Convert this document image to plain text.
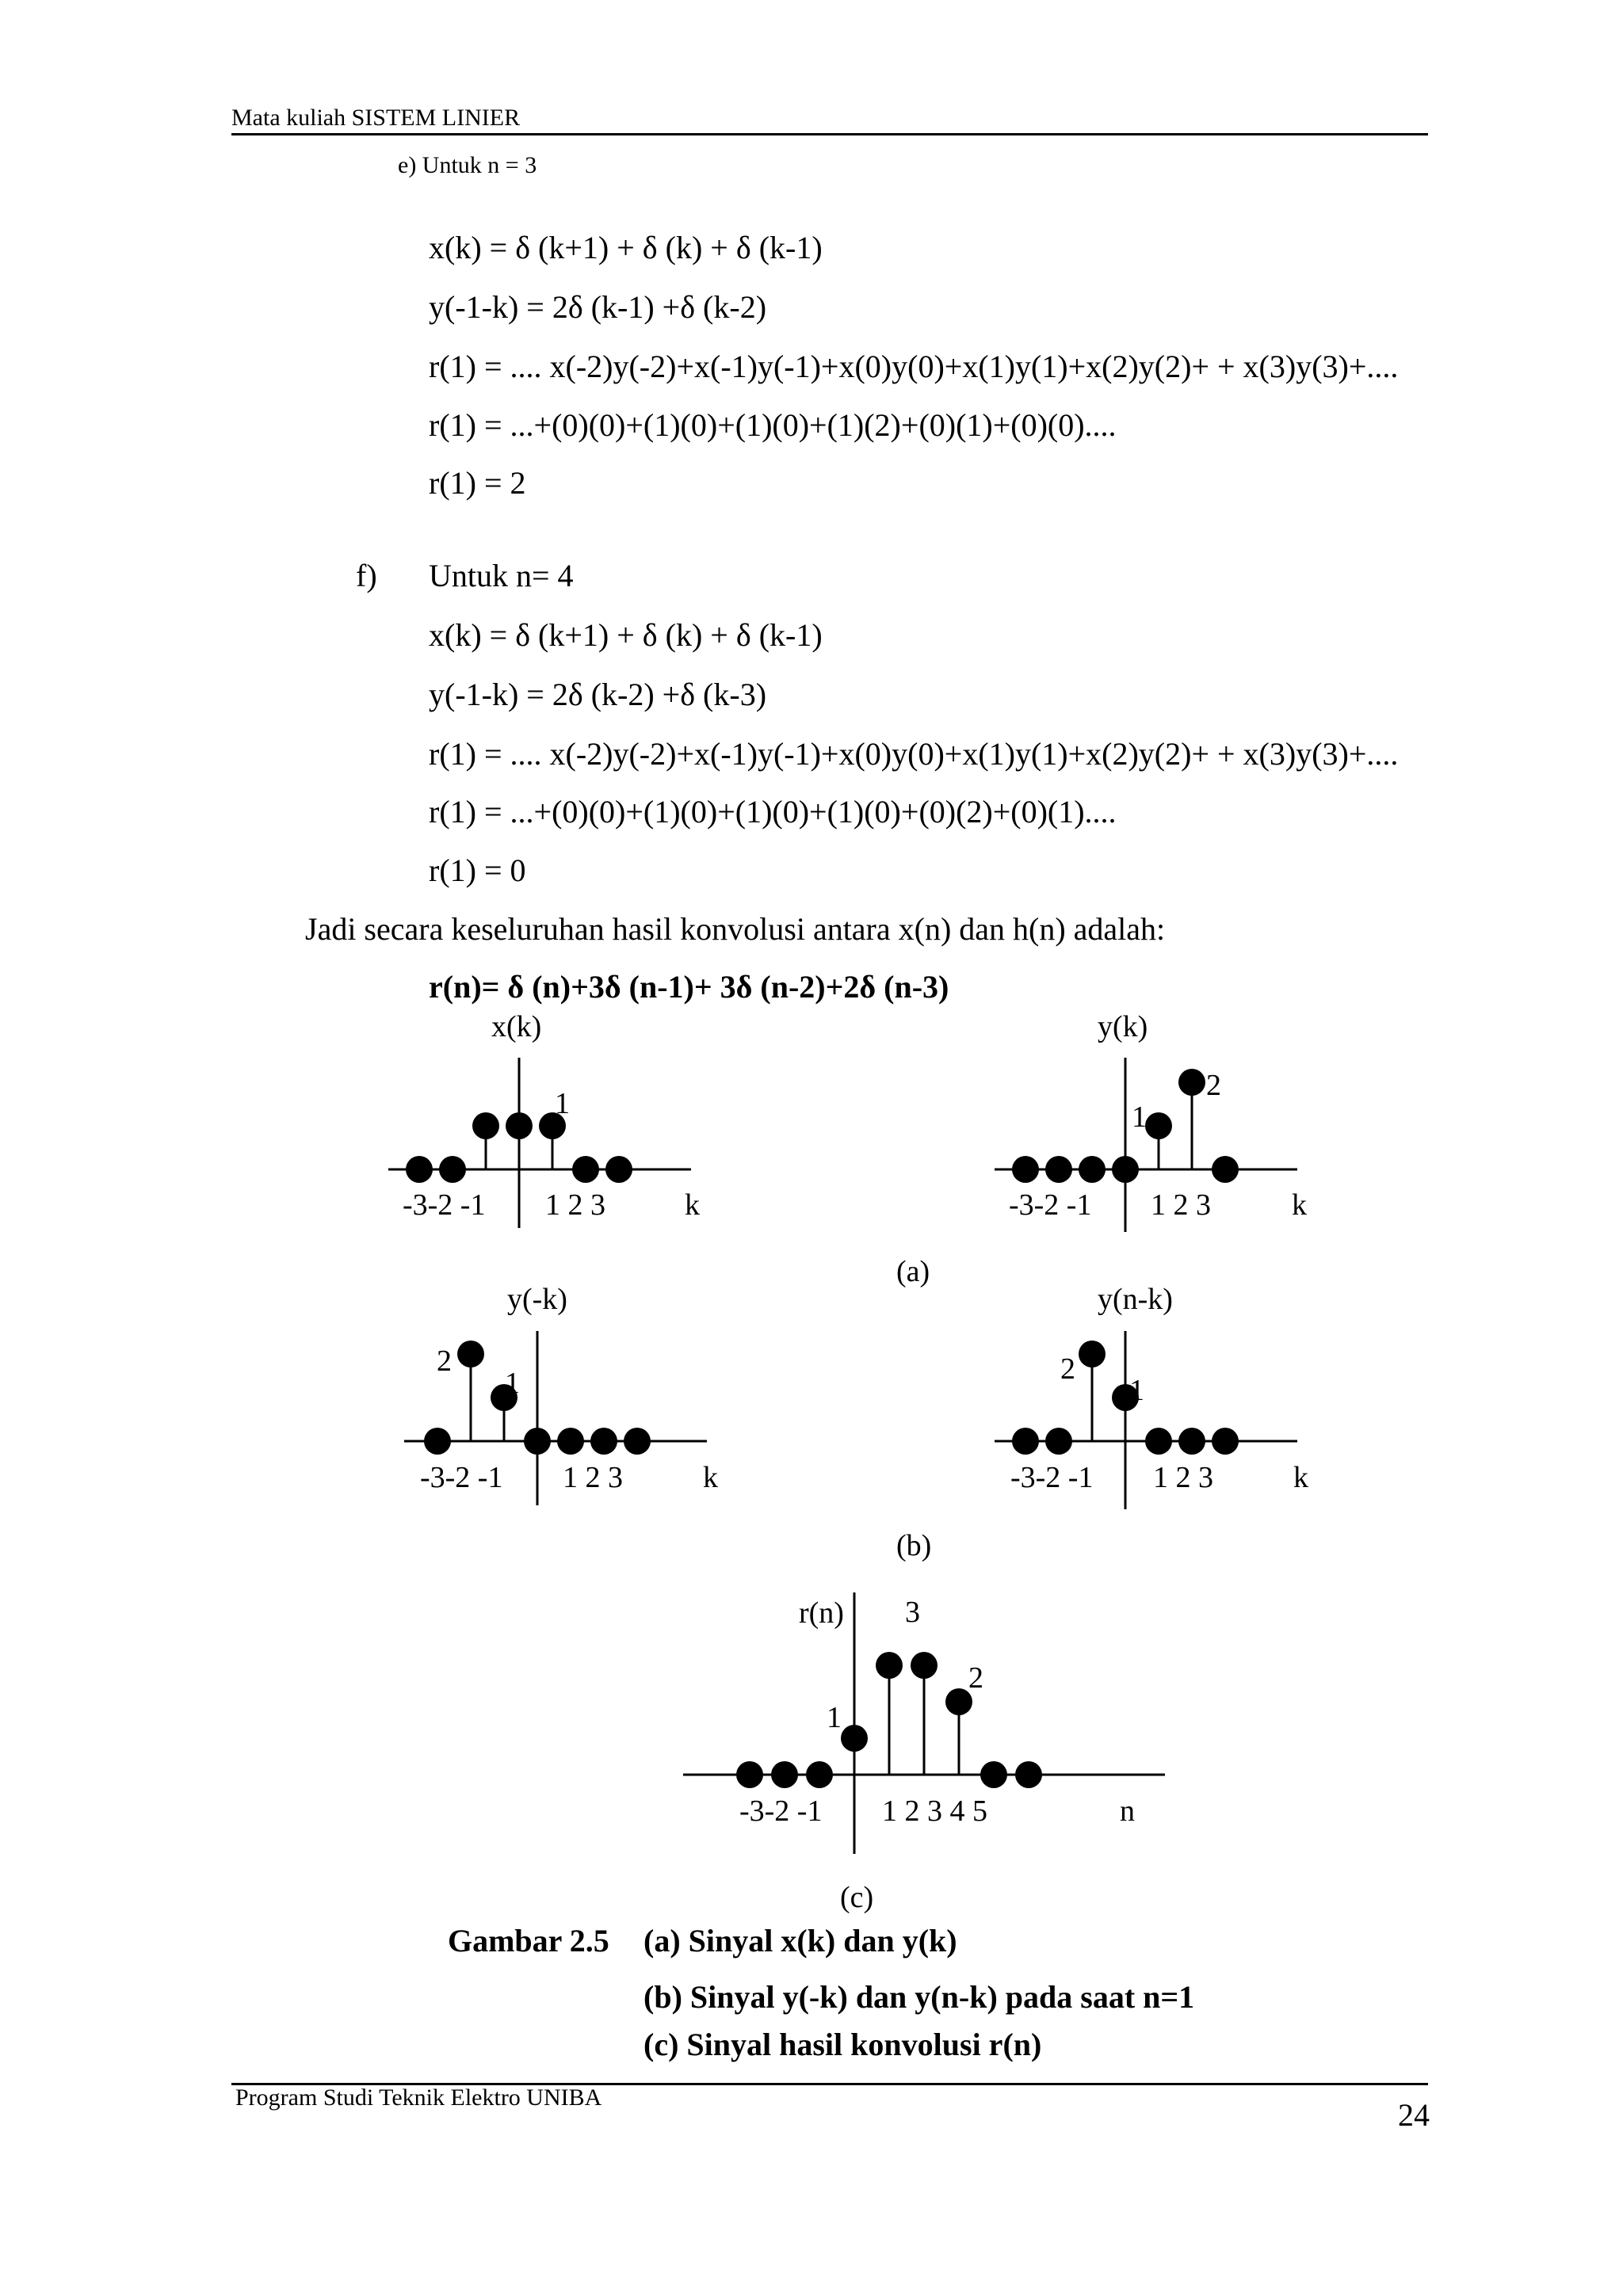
Mata kuliah SISTEM LINIER
e) Untuk n = 3
x(k) = δ (k+1) + δ (k) + δ (k-1)
y(-1-k) = 2δ (k-1) +δ (k-2)
r(1) = .... x(-2)y(-2)+x(-1)y(-1)+x(0)y(0)+x(1)y(1)+x(2)y(2)+ + x(3)y(3)+....
r(1) = ...+(0)(0)+(1)(0)+(1)(0)+(1)(2)+(0)(1)+(0)(0)....
r(1) = 2
f) Untuk n= 4
x(k) = δ (k+1) + δ (k) + δ (k-1)
y(-1-k) = 2δ (k-2) +δ (k-3)
r(1) = .... x(-2)y(-2)+x(-1)y(-1)+x(0)y(0)+x(1)y(1)+x(2)y(2)+ + x(3)y(3)+....
r(1) = ...+(0)(0)+(1)(0)+(1)(0)+(1)(0)+(0)(2)+(0)(1)....
r(1) = 0
Jadi secara keseluruhan hasil konvolusi antara x(n) dan h(n) adalah:
r(n)= δ (n)+3δ (n-1)+ 3δ (n-2)+2δ (n-3)
x(k)
-3-2 -1 1 2 3	k
1
y(k)
-3-2 -1 1 2 3	k
1
2
(a)
y(-k)
-3-2 -1 1 2 3	k
2
1
y(n-k)
-3-2 -1 1 2 3	k
2
1
(b)
r(n)
-3-2 -1 1 2 3 4 5	n
3
2
1
(c)
Gambar 2.5 (a) Sinyal x(k) dan y(k)
(b) Sinyal y(-k) dan y(n-k) pada saat n=1
(c) Sinyal hasil konvolusi r(n)
Program Studi Teknik Elektro UNIBA	24
